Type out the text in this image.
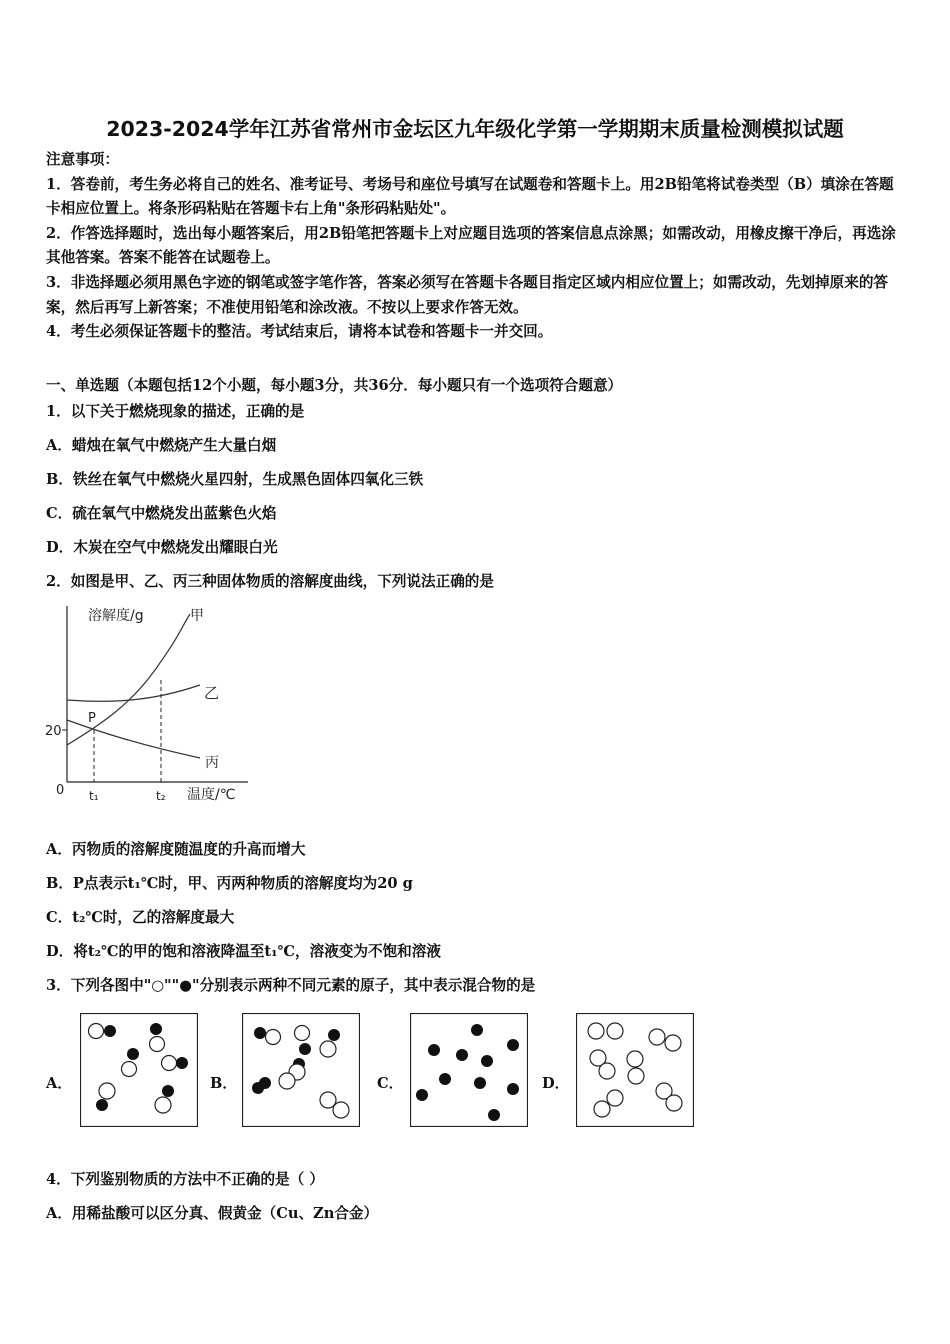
2023-2024学年江苏省常州市金坛区九年级化学第一学期期末质量检测模拟试题

注意事项：

1．答卷前，考生务必将自己的姓名、准考证号、考场号和座位号填写在试题卷和答题卡上。用2B铅笔将试卷类型（B）填涂在答题卡相应位置上。将条形码粘贴在答题卡右上角"条形码粘贴处"。

2．作答选择题时，选出每小题答案后，用2B铅笔把答题卡上对应题目选项的答案信息点涂黑；如需改动，用橡皮擦干净后，再选涂其他答案。答案不能答在试题卷上。

3．非选择题必须用黑色字迹的钢笔或签字笔作答，答案必须写在答题卡各题目指定区域内相应位置上；如需改动，先划掉原来的答案，然后再写上新答案；不准使用铅笔和涂改液。不按以上要求作答无效。

4．考生必须保证答题卡的整洁。考试结束后，请将本试卷和答题卡一并交回。

一、单选题（本题包括12个小题，每小题3分，共36分．每小题只有一个选项符合题意）
1．以下关于燃烧现象的描述，正确的是
A．蜡烛在氧气中燃烧产生大量白烟
B．铁丝在氧气中燃烧火星四射，生成黑色固体四氧化三铁
C．硫在氧气中燃烧发出蓝紫色火焰
D．木炭在空气中燃烧发出耀眼白光
2．如图是甲、乙、丙三种固体物质的溶解度曲线，下列说法正确的是
溶解度/g	甲
乙
丙
P
20
0 t₁	t₂ 温度/℃
A．丙物质的溶解度随温度的升高而增大
B．P点表示t₁℃时，甲、丙两种物质的溶解度均为20 g
C．t₂℃时，乙的溶解度最大
D．将t₂℃的甲的饱和溶液降温至t₁℃，溶液变为不饱和溶液
3．下列各图中"○""●"分别表示两种不同元素的原子，其中表示混合物的是
A．	B．	C．	D．
4．下列鉴别物质的方法中不正确的是（ ）
A．用稀盐酸可以区分真、假黄金（Cu、Zn合金）
